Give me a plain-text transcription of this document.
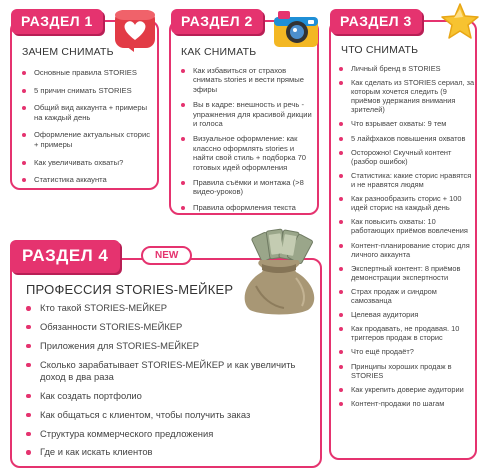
ЗАЧЕМ СНИМАТЬ
Основные правила STORIES
5 причин снимать STORIES
Общий вид аккаунта + примеры на каждый день
Оформление актуальных сторис + примеры
Как увеличивать охваты?
Статистика аккаунта
РАЗДЕЛ 1
КАК СНИМАТЬ
Как избавиться от страхов снимать stories и вести прямые эфиры
Вы в кадре: внешность и речь - упражнения для красивой дикции и голоса
Визуальное оформление: как классно оформлять stories и найти свой стиль + подборка 70 готовых идей оформления
Правила съёмки и монтажа (>8 видео-уроков)
Правила оформления текста
РАЗДЕЛ 2
ЧТО СНИМАТЬ
Личный бренд в STORIES
Как сделать из STORIES сериал, за которым хочется следить (9 приёмов удержания внимания зрителей)
Что взрывает охваты: 9 тем
5 лайфхаков повышения охватов
Осторожно! Скучный контент (разбор ошибок)
Статистика: какие сторис нравятся и не нравятся людям
Как разнообразить сторис + 100 идей сторис на каждый день
Как повысить охваты: 10 работающих приёмов вовлечения
Контент-планирование сторис для личного аккаунта
Экспертный контент: 8 приёмов демонстрации экспертности
Страх продаж и синдром самозванца
Целевая аудитория
Как продавать, не продавая. 10 триггеров продаж в сторис
Что ещё продаёт?
Принципы хороших продаж в STORIES
Как укрепить доверие аудитории
Контент-продажи по шагам
РАЗДЕЛ 3
ПРОФЕССИЯ STORIES-МЕЙКЕР
Кто такой STORIES-МЕЙКЕР
Обязанности STORIES-МЕЙКЕР
Приложения для STORIES-МЕЙКЕР
Сколько зарабатывает STORIES-МЕЙКЕР и как увеличить доход в два раза
Как создать портфолио
Как общаться с клиентом, чтобы получить заказ
Структура коммерческого предложения
Где и как искать клиентов
РАЗДЕЛ 4	NEW
